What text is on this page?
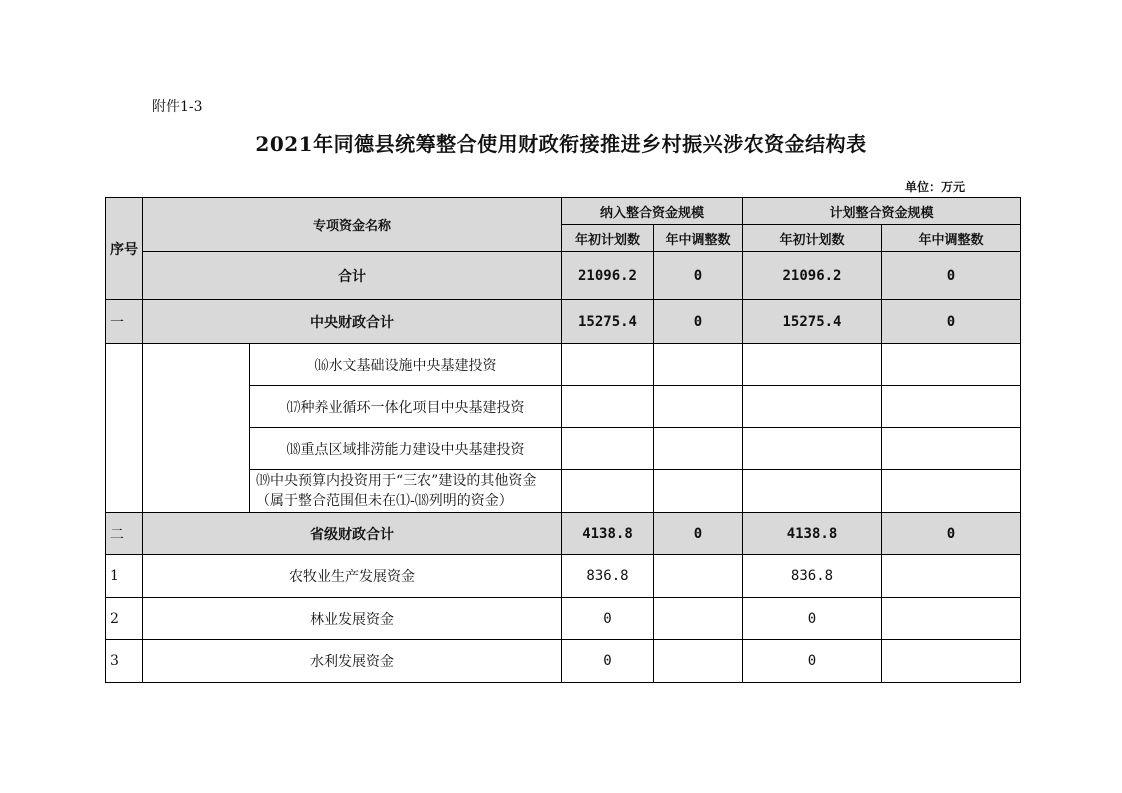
附件1-3
2021年同德县统筹整合使用财政衔接推进乡村振兴涉农资金结构表
单位：万元
序号	专项资金名称		纳入整合资金规模		计划整合资金规模	
			年初计划数	年中调整数	年初计划数	年中调整数
	合计		21096.2	0	21096.2	0
一	中央财政合计		15275.4	0	15275.4	0
		⒃水文基础设施中央基建投资				
		⒄种养业循环一体化项目中央基建投资				
		⒅重点区域排涝能力建设中央基建投资				
		⒆中央预算内投资用于“三农”建设的其他资金（属于整合范围但未在⑴-⒅列明的资金）				
二	省级财政合计		4138.8	0	4138.8	0
1	农牧业生产发展资金		836.8		836.8	
2	林业发展资金		0		0	
3	水利发展资金		0		0	
